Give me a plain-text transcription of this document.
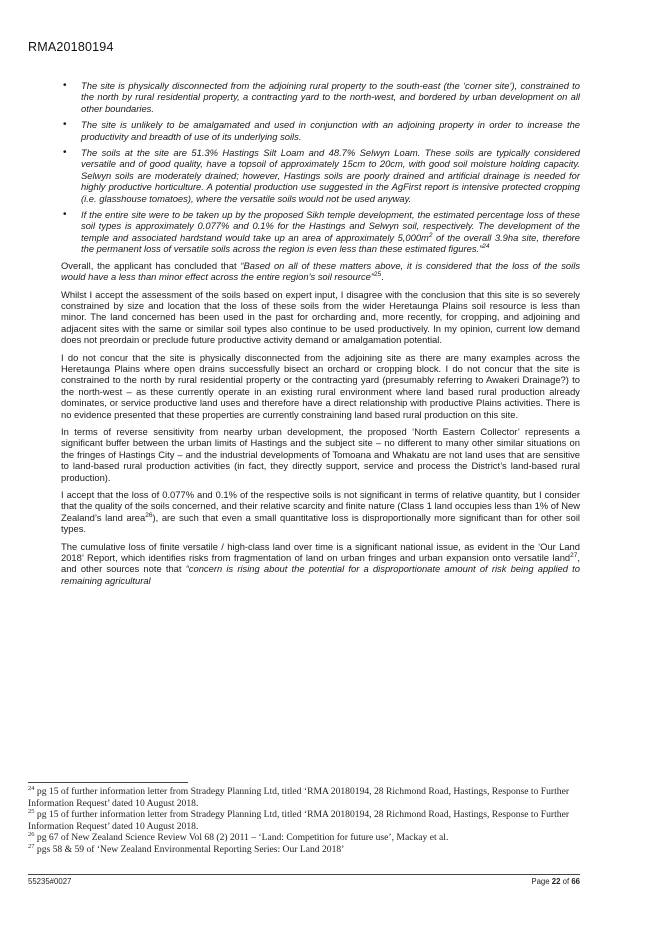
RMA20180194
• The site is physically disconnected from the adjoining rural property to the south-east (the ‘corner site’), constrained to the north by rural residential property, a contracting yard to the north-west, and bordered by urban development on all other boundaries.
• The site is unlikely to be amalgamated and used in conjunction with an adjoining property in order to increase the productivity and breadth of use of its underlying soils.
• The soils at the site are 51.3% Hastings Silt Loam and 48.7% Selwyn Loam. These soils are typically considered versatile and of good quality, have a topsoil of approximately 15cm to 20cm, with good soil moisture holding capacity. Selwyn soils are moderately drained; however, Hastings soils are poorly drained and artificial drainage is needed for highly productive horticulture. A potential production use suggested in the AgFirst report is intensive protected cropping (i.e. glasshouse tomatoes), where the versatile soils would not be used anyway.
• If the entire site were to be taken up by the proposed Sikh temple development, the estimated percentage loss of these soil types is approximately 0.077% and 0.1% for the Hastings and Selwyn soil, respectively. The development of the temple and associated hardstand would take up an area of approximately $5,000m^2$ of the overall 3.9ha site, therefore the permanent loss of versatile soils across the region is even less than these estimated figures.”$^{24}$

Overall, the applicant has concluded that “Based on all of these matters above, it is considered that the loss of the soils would have a less than minor effect across the entire region’s soil resource”$^{25}$.

Whilst I accept the assessment of the soils based on expert input, I disagree with the conclusion that this site is so severely constrained by size and location that the loss of these soils from the wider Heretaunga Plains soil resource is less than minor. The land concerned has been used in the past for orcharding and, more recently, for cropping, and adjoining and adjacent sites with the same or similar soil types also continue to be used productively. In my opinion, current low demand does not preordain or preclude future productive activity demand or amalgamation potential.

I do not concur that the site is physically disconnected from the adjoining site as there are many examples across the Heretaunga Plains where open drains successfully bisect an orchard or cropping block. I do not concur that the site is constrained to the north by rural residential property or the contracting yard (presumably referring to Awakeri Drainage?) to the north-west – as these currently operate in an existing rural environment where land based rural production already dominates, or service productive land uses and therefore have a direct relationship with productive Plains activities. There is no evidence presented that these properties are currently constraining land based rural production on this site.

In terms of reverse sensitivity from nearby urban development, the proposed ‘North Eastern Collector’ represents a significant buffer between the urban limits of Hastings and the subject site – no different to many other similar situations on the fringes of Hastings City – and the industrial developments of Tomoana and Whakatu are not land uses that are sensitive to land-based rural production activities (in fact, they directly support, service and process the District’s land-based rural production).

I accept that the loss of 0.077% and 0.1% of the respective soils is not significant in terms of relative quantity, but I consider that the quality of the soils concerned, and their relative scarcity and finite nature (Class 1 land occupies less than 1% of New Zealand’s land area$^{26}$), are such that even a small quantitative loss is disproportionally more significant than for other soil types.

The cumulative loss of finite versatile / high-class land over time is a significant national issue, as evident in the ‘Our Land 2018’ Report, which identifies risks from fragmentation of land on urban fringes and urban expansion onto versatile land$^{27}$, and other sources note that “concern is rising about the potential for a disproportionate amount of risk being applied to remaining agricultural

$^{24}$ pg 15 of further information letter from Stradegy Planning Ltd, titled ‘RMA 20180194, 28 Richmond Road, Hastings, Response to Further Information Request’ dated 10 August 2018.

$^{25}$ pg 15 of further information letter from Stradegy Planning Ltd, titled ‘RMA 20180194, 28 Richmond Road, Hastings, Response to Further Information Request’ dated 10 August 2018.

$^{26}$ pg 67 of New Zealand Science Review Vol 68 (2) 2011 – ‘Land: Competition for future use’, Mackay et al.

$^{27}$ pgs 58 & 59 of ‘New Zealand Environmental Reporting Series: Our Land 2018’

55235#0027	Page 22 of 66
